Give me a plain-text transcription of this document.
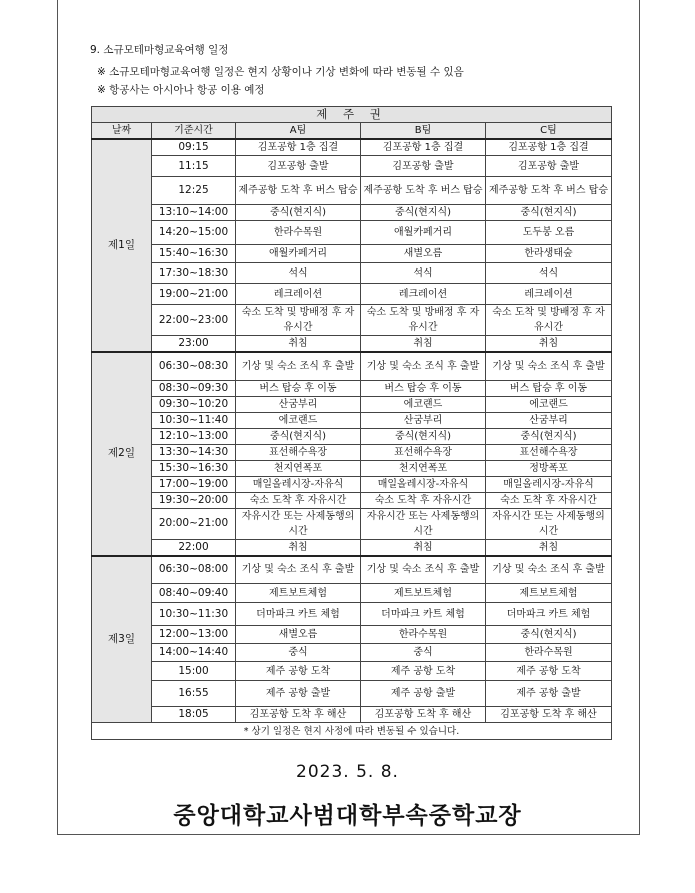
9. 소규모테마형교육여행 일정
※ 소규모테마형교육여행 일정은 현지 상황이나 기상 변화에 따라 변동될 수 있음
※ 항공사는 아시아나 항공 이용 예정
제 주 권				
날짜	기준시간	A팀	B팀	C팀
제1일	09:15	김포공항 1층 집결	김포공항 1층 집결	김포공항 1층 집결
	11:15	김포공항 출발	김포공항 출발	김포공항 출발
	12:25	제주공항 도착 후 버스 탑승	제주공항 도착 후 버스 탑승	제주공항 도착 후 버스 탑승
	13:10~14:00	중식(현지식)	중식(현지식)	중식(현지식)
	14:20~15:00	한라수목원	애월카페거리	도두봉 오름
	15:40~16:30	애월카페거리	새별오름	한라생태숲
	17:30~18:30	석식	석식	석식
	19:00~21:00	레크레이션	레크레이션	레크레이션
	22:00~23:00	숙소 도착 및 방배정 후 자유시간	숙소 도착 및 방배정 후 자유시간	숙소 도착 및 방배정 후 자유시간
	23:00	취침	취침	취침
제2일	06:30~08:30	기상 및 숙소 조식 후 출발	기상 및 숙소 조식 후 출발	기상 및 숙소 조식 후 출발
	08:30~09:30	버스 탑승 후 이동	버스 탑승 후 이동	버스 탑승 후 이동
	09:30~10:20	산굼부리	에코랜드	에코랜드
	10:30~11:40	에코랜드	산굼부리	산굼부리
	12:10~13:00	중식(현지식)	중식(현지식)	중식(현지식)
	13:30~14:30	표선해수욕장	표선해수욕장	표선해수욕장
	15:30~16:30	천지연폭포	천지연폭포	정방폭포
	17:00~19:00	매일올레시장-자유식	매일올레시장-자유식	매일올레시장-자유식
	19:30~20:00	숙소 도착 후 자유시간	숙소 도착 후 자유시간	숙소 도착 후 자유시간
	20:00~21:00	자유시간 또는 사제동행의 시간	자유시간 또는 사제동행의 시간	자유시간 또는 사제동행의 시간
	22:00	취침	취침	취침
제3일	06:30~08:00	기상 및 숙소 조식 후 출발	기상 및 숙소 조식 후 출발	기상 및 숙소 조식 후 출발
	08:40~09:40	제트보트체험	제트보트체험	제트보트체험
	10:30~11:30	더마파크 카트 체험	더마파크 카트 체험	더마파크 카트 체험
	12:00~13:00	새별오름	한라수목원	중식(현지식)
	14:00~14:40	중식	중식	한라수목원
	15:00	제주 공항 도착	제주 공항 도착	제주 공항 도착
	16:55	제주 공항 출발	제주 공항 출발	제주 공항 출발
	18:05	김포공항 도착 후 해산	김포공항 도착 후 해산	김포공항 도착 후 해산
* 상기 일정은 현지 사정에 따라 변동될 수 있습니다.				
2023. 5. 8.
중앙대학교사범대학부속중학교장
